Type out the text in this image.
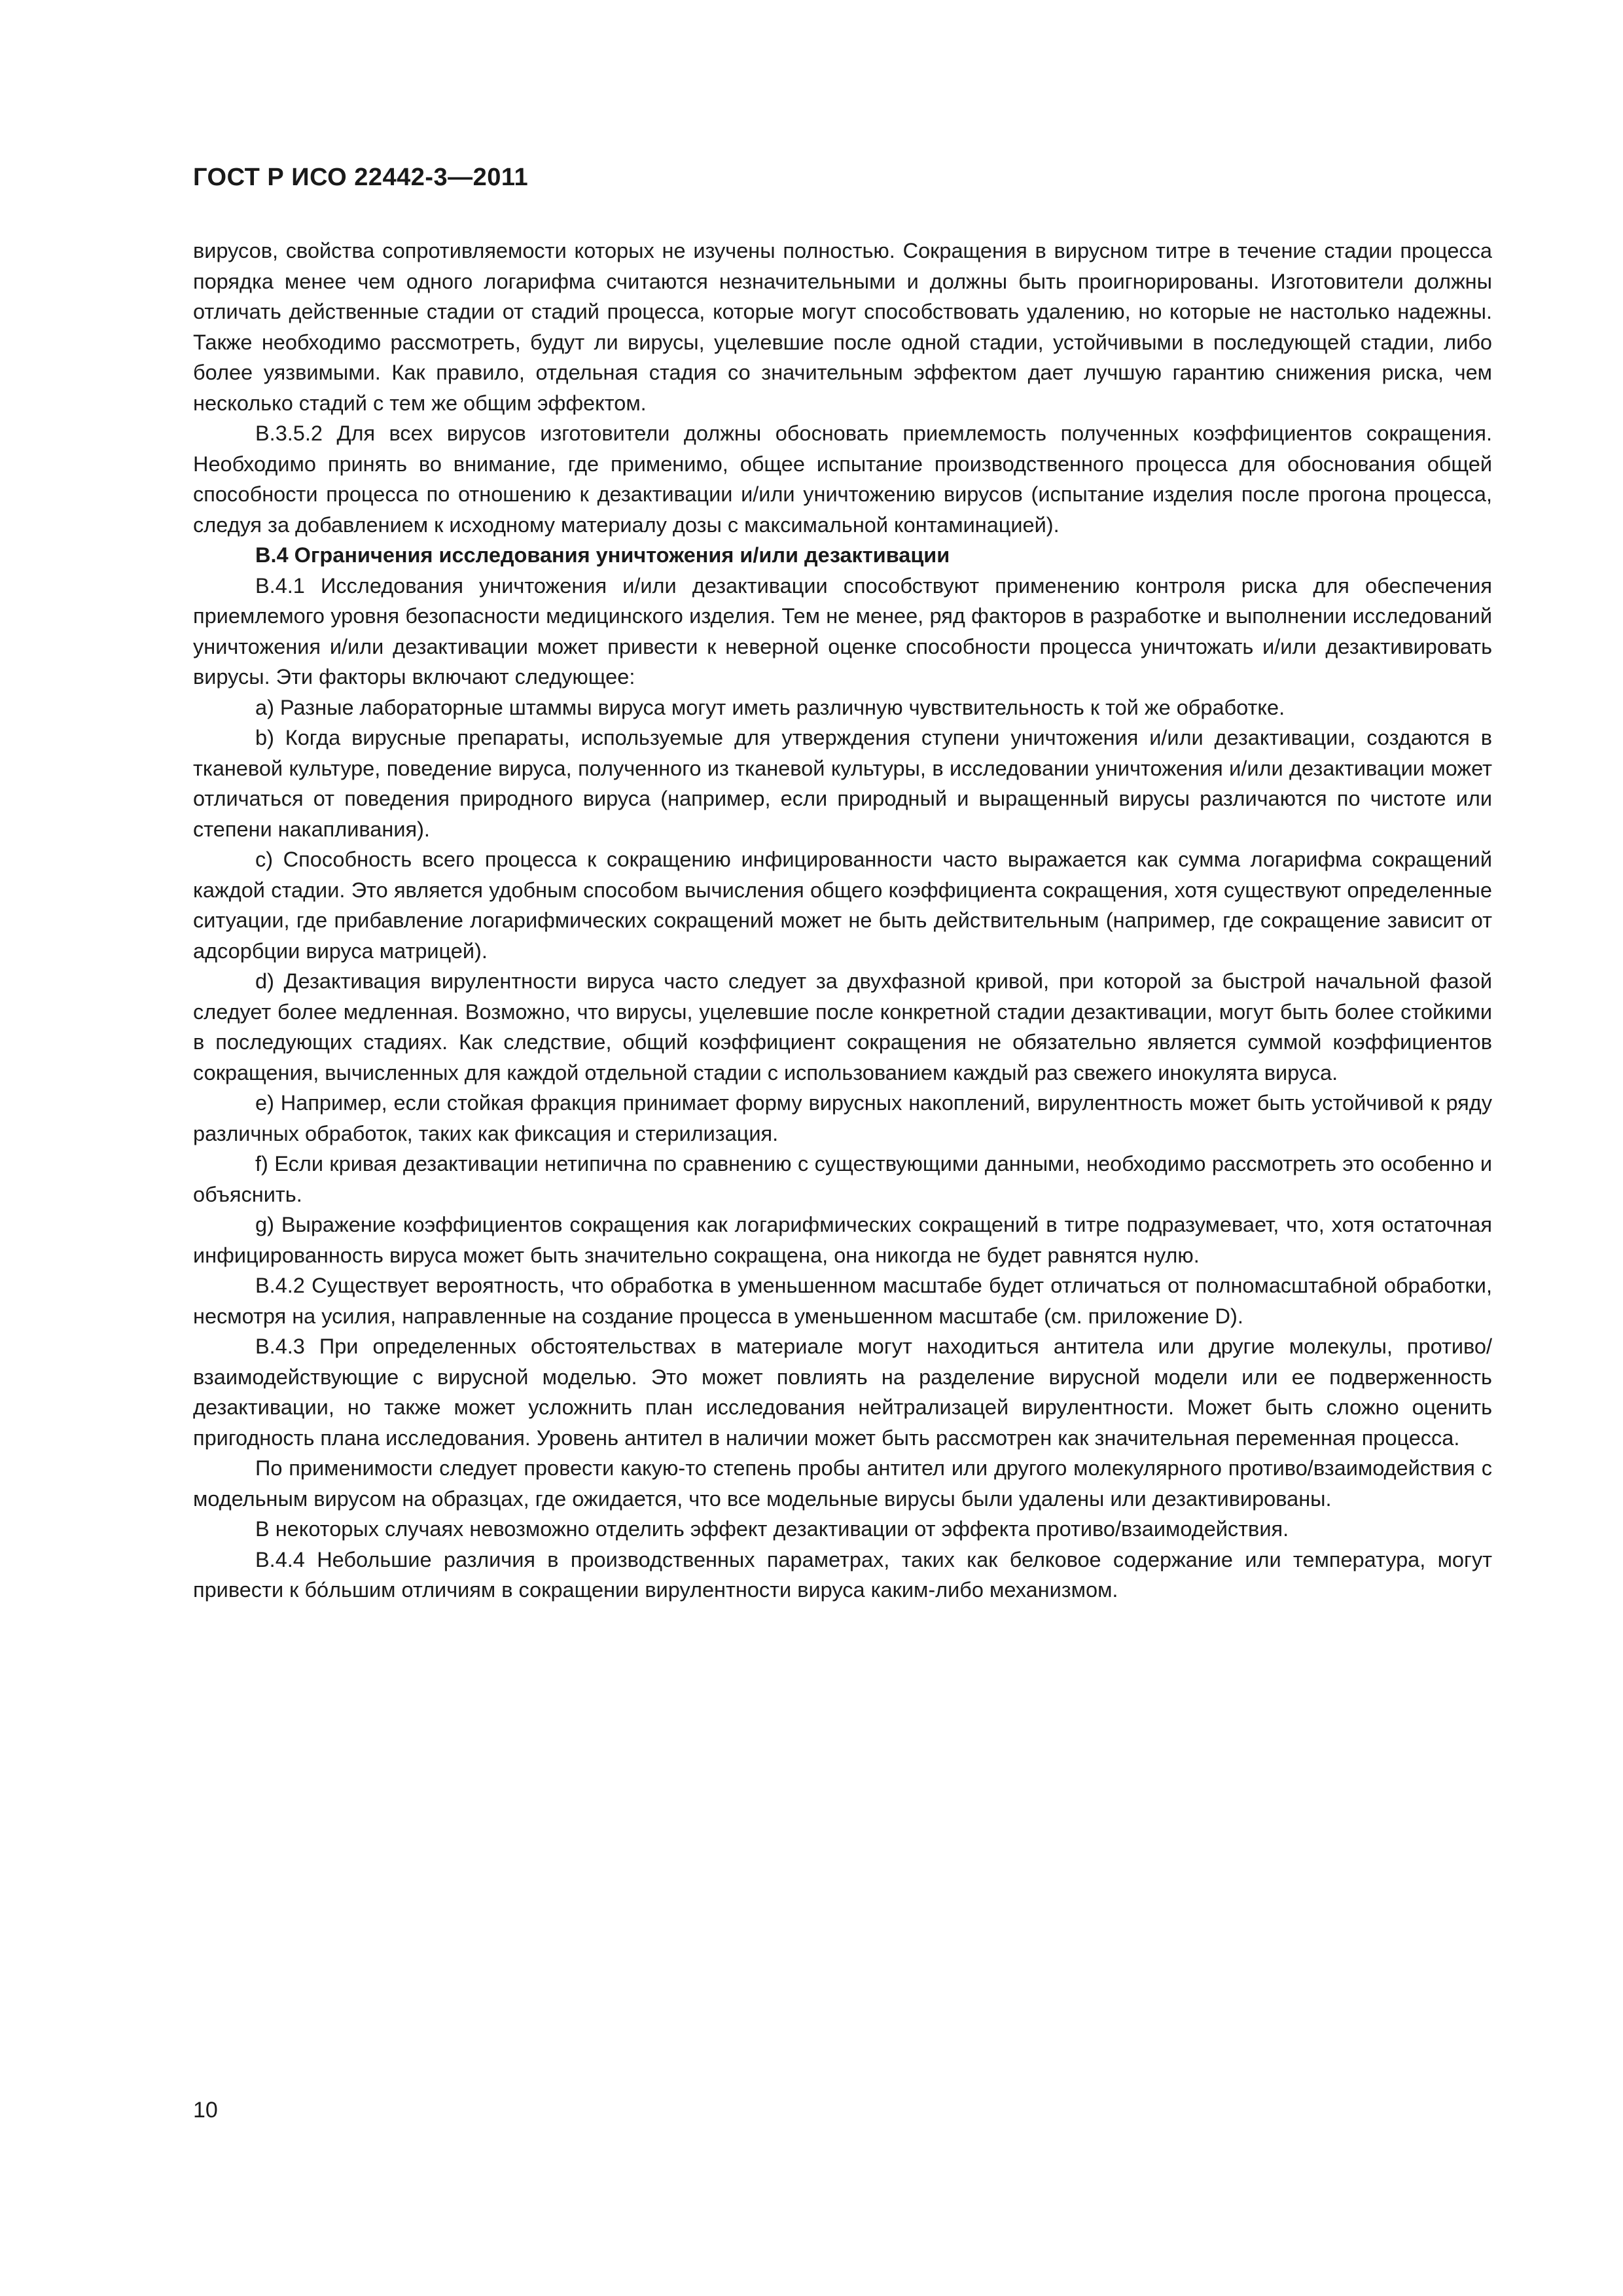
ГОСТ Р ИСО 22442-3—2011

вирусов, свойства сопротивляемости которых не изучены полностью. Сокращения в вирусном титре в течение стадии процесса порядка менее чем одного логарифма считаются незначительными и должны быть проигнорированы. Изготовители должны отличать действенные стадии от стадий процесса, которые могут способствовать удалению, но которые не настолько надежны. Также необходимо рассмотреть, будут ли вирусы, уцелевшие после одной стадии, устойчивыми в последующей стадии, либо более уязвимыми. Как правило, отдельная стадия со значительным эффектом дает лучшую гарантию снижения риска, чем несколько стадий с тем же общим эффектом.

В.3.5.2 Для всех вирусов изготовители должны обосновать приемлемость полученных коэффициентов сокращения. Необходимо принять во внимание, где применимо, общее испытание производственного процесса для обоснования общей способности процесса по отношению к дезактивации и/или уничтожению вирусов (испытание изделия после прогона процесса, следуя за добавлением к исходному материалу дозы с максимальной контаминацией).

В.4 Ограничения исследования уничтожения и/или дезактивации

В.4.1 Исследования уничтожения и/или дезактивации способствуют применению контроля риска для обеспечения приемлемого уровня безопасности медицинского изделия. Тем не менее, ряд факторов в разработке и выполнении исследований уничтожения и/или дезактивации может привести к неверной оценке способности процесса уничтожать и/или дезактивировать вирусы. Эти факторы включают следующее:

a) Разные лабораторные штаммы вируса могут иметь различную чувствительность к той же обработке.

b) Когда вирусные препараты, используемые для утверждения ступени уничтожения и/или дезактивации, создаются в тканевой культуре, поведение вируса, полученного из тканевой культуры, в исследовании уничтожения и/или дезактивации может отличаться от поведения природного вируса (например, если природный и выращенный вирусы различаются по чистоте или степени накапливания).

c) Способность всего процесса к сокращению инфицированности часто выражается как сумма логарифма сокращений каждой стадии. Это является удобным способом вычисления общего коэффициента сокращения, хотя существуют определенные ситуации, где прибавление логарифмических сокращений может не быть действительным (например, где сокращение зависит от адсорбции вируса матрицей).

d) Дезактивация вирулентности вируса часто следует за двухфазной кривой, при которой за быстрой начальной фазой следует более медленная. Возможно, что вирусы, уцелевшие после конкретной стадии дезактивации, могут быть более стойкими в последующих стадиях. Как следствие, общий коэффициент сокращения не обязательно является суммой коэффициентов сокращения, вычисленных для каждой отдельной стадии с использованием каждый раз свежего инокулята вируса.

e) Например, если стойкая фракция принимает форму вирусных накоплений, вирулентность может быть устойчивой к ряду различных обработок, таких как фиксация и стерилизация.

f) Если кривая дезактивации нетипична по сравнению с существующими данными, необходимо рассмотреть это особенно и объяснить.

g) Выражение коэффициентов сокращения как логарифмических сокращений в титре подразумевает, что, хотя остаточная инфицированность вируса может быть значительно сокращена, она никогда не будет равнятся нулю.

В.4.2 Существует вероятность, что обработка в уменьшенном масштабе будет отличаться от полномасштабной обработки, несмотря на усилия, направленные на создание процесса в уменьшенном масштабе (см. приложение D).

В.4.3 При определенных обстоятельствах в материале могут находиться антитела или другие молекулы, противо/взаимодействующие с вирусной моделью. Это может повлиять на разделение вирусной модели или ее подверженность дезактивации, но также может усложнить план исследования нейтрализацей вирулентности. Может быть сложно оценить пригодность плана исследования. Уровень антител в наличии может быть рассмотрен как значительная переменная процесса.

По применимости следует провести какую-то степень пробы антител или другого молекулярного противо/взаимодействия с модельным вирусом на образцах, где ожидается, что все модельные вирусы были удалены или дезактивированы.

В некоторых случаях невозможно отделить эффект дезактивации от эффекта противо/взаимодействия.

В.4.4 Небольшие различия в производственных параметрах, таких как белковое содержание или температура, могут привести к бо́льшим отличиям в сокращении вирулентности вируса каким-либо механизмом.

10
